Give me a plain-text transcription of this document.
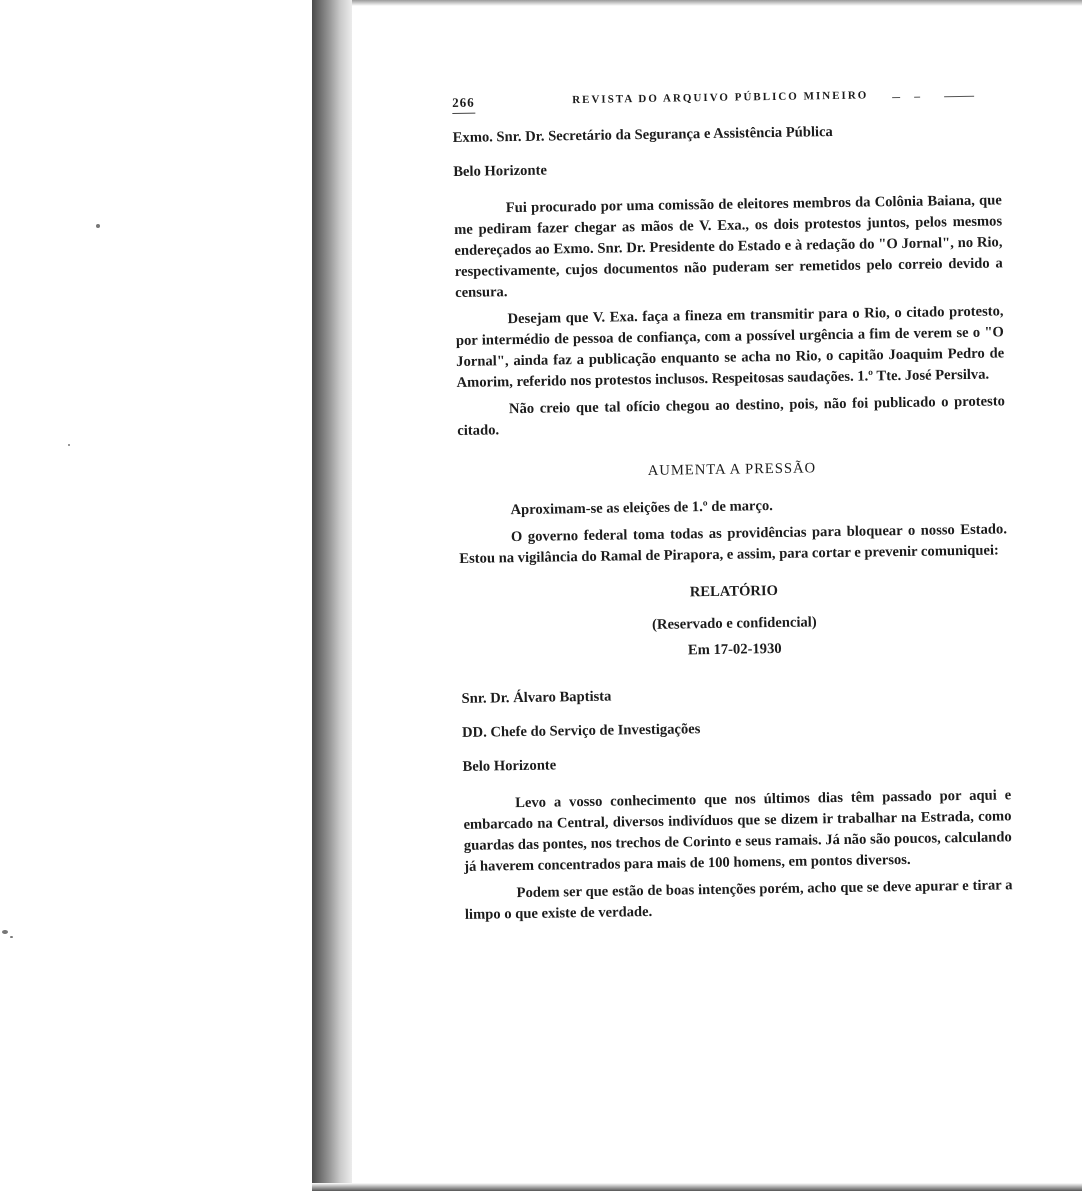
266	REVISTA DO ARQUIVO PÚBLICO MINEIRO

Exmo. Snr. Dr. Secretário da Segurança e Assistência Pública

Belo Horizonte

Fui procurado por uma comissão de eleitores membros da Colônia Baiana, que me pediram fazer chegar as mãos de V. Exa., os dois protestos juntos, pelos mesmos endereçados ao Exmo. Snr. Dr. Presidente do Estado e à redação do "O Jornal", no Rio, respectivamente, cujos documentos não puderam ser remetidos pelo correio devido a censura.

Desejam que V. Exa. faça a fineza em transmitir para o Rio, o citado protesto, por intermédio de pessoa de confiança, com a possível urgência a fim de verem se o "O Jornal", ainda faz a publicação enquanto se acha no Rio, o capitão Joaquim Pedro de Amorim, referido nos protestos inclusos. Respeitosas saudações. 1.º Tte. José Persilva.

Não creio que tal ofício chegou ao destino, pois, não foi publicado o protesto citado.

AUMENTA A PRESSÃO

Aproximam-se as eleições de 1.º de março.

O governo federal toma todas as providências para bloquear o nosso Estado. Estou na vigilância do Ramal de Pirapora, e assim, para cortar e prevenir comuniquei:

RELATÓRIO

(Reservado e confidencial)

Em 17-02-1930

Snr. Dr. Álvaro Baptista

DD. Chefe do Serviço de Investigações

Belo Horizonte

Levo a vosso conhecimento que nos últimos dias têm passado por aqui e embarcado na Central, diversos indivíduos que se dizem ir trabalhar na Estrada, como guardas das pontes, nos trechos de Corinto e seus ramais. Já não são poucos, calculando já haverem concentrados para mais de 100 homens, em pontos diversos.

Podem ser que estão de boas intenções porém, acho que se deve apurar e tirar a limpo o que existe de verdade.
